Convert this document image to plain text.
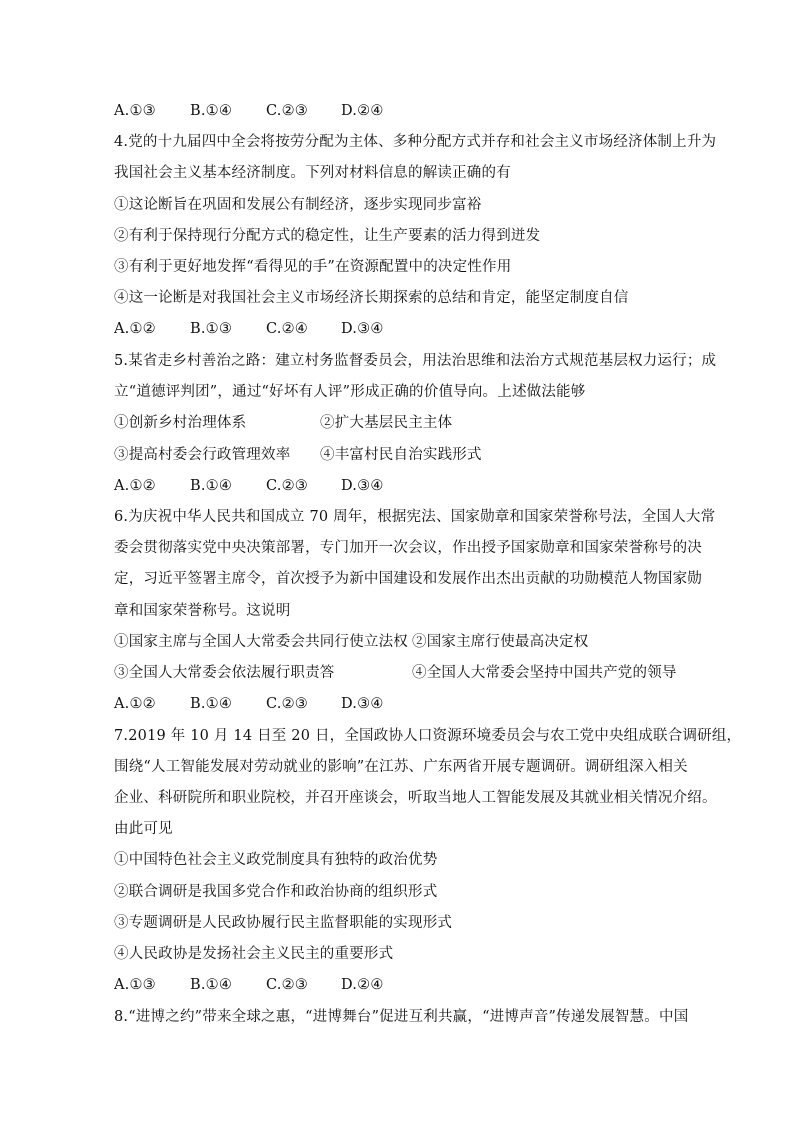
A.①③ B.①④ C.②③ D.②④
4.党的十九届四中全会将按劳分配为主体、多种分配方式并存和社会主义市场经济体制上升为
我国社会主义基本经济制度。下列对材料信息的解读正确的有
①这论断旨在巩固和发展公有制经济，逐步实现同步富裕
②有利于保持现行分配方式的稳定性，让生产要素的活力得到迸发
③有利于更好地发挥“看得见的手”在资源配置中的决定性作用
④这一论断是对我国社会主义市场经济长期探索的总结和肯定，能坚定制度自信
A.①② B.①③ C.②④ D.③④
5.某省走乡村善治之路：建立村务监督委员会，用法治思维和法治方式规范基层权力运行；成
立“道德评判团”，通过“好坏有人评”形成正确的价值导向。上述做法能够
①创新乡村治理体系	②扩大基层民主主体
③提高村委会行政管理效率 ④丰富村民自治实践形式
A.①② B.①④ C.②③ D.③④
6.为庆祝中华人民共和国成立 70 周年，根据宪法、国家勋章和国家荣誉称号法，全国人大常
委会贯彻落实党中央决策部署，专门加开一次会议，作出授予国家勋章和国家荣誉称号的决
定，习近平签署主席令，首次授予为新中国建设和发展作出杰出贡献的功勋模范人物国家勋
章和国家荣誉称号。这说明
①国家主席与全国人大常委会共同行使立法权 ②国家主席行使最高决定权
③全国人大常委会依法履行职责答	④全国人大常委会坚持中国共产党的领导
A.①② B.①④ C.②③ D.③④
7.2019 年 10 月 14 日至 20 日，全国政协人口资源环境委员会与农工党中央组成联合调研组，
围绕“人工智能发展对劳动就业的影响”在江苏、广东两省开展专题调研。调研组深入相关
企业、科研院所和职业院校，并召开座谈会，听取当地人工智能发展及其就业相关情况介绍。
由此可见
①中国特色社会主义政党制度具有独特的政治优势
②联合调研是我国多党合作和政治协商的组织形式
③专题调研是人民政协履行民主监督职能的实现形式
④人民政协是发扬社会主义民主的重要形式
A.①③ B.①④ C.②③ D.②④
8.“进博之约”带来全球之惠，“进博舞台”促进互利共赢，“进博声音”传递发展智慧。中国
